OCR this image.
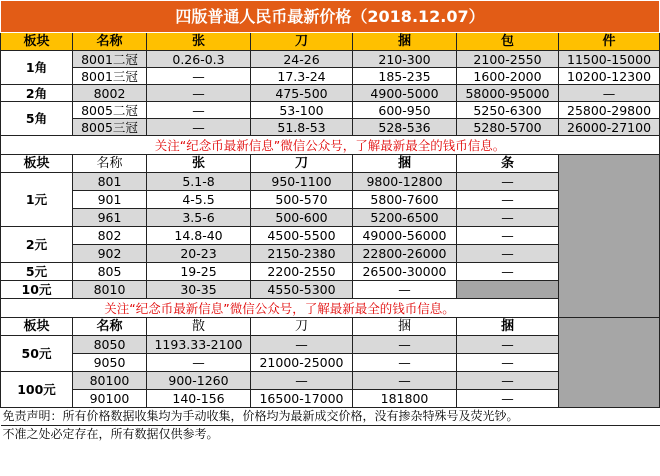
四版普通人民币最新价格（2018.12.07）						
板块	名称	张	刀	捆	包	件
1角	8001二冠	0.26-0.3	24-26	210-300	2100-2550	11500-15000
	8001三冠	—	17.3-24	185-235	1600-2000	10200-12300
2角	8002	—	475-500	4900-5000	58000-95000	—
5角	8005二冠	—	53-100	600-950	5250-6300	25800-29800
	8005三冠	—	51.8-53	528-536	5280-5700	26000-27100
关注“纪念币最新信息”微信公众号，了解最新最全的钱币信息。						
板块	名称	张	刀	捆	条	
1元	801	5.1-8	950-1100	9800-12800	—	
	901	4-5.5	500-570	5800-7600	—	
	961	3.5-6	500-600	5200-6500	—	
2元	802	14.8-40	4500-5500	49000-56000	—	
	902	20-23	2150-2380	22800-26000	—	
5元	805	19-25	2200-2550	26500-30000	—	
10元	8010	30-35	4550-5300	—		
关注“纪念币最新信息”微信公众号，了解最新最全的钱币信息。						
板块	名称	散	刀	捆	捆	
50元	8050	1193.33-2100	—	—	—	
	9050	—	21000-25000	—	—	
100元	80100	900-1260	—	—	—	
	90100	140-156	16500-17000	181800	—	
免责声明：所有价格数据收集均为手动收集，价格均为最新成交价格，没有掺杂特殊号及荧光钞。						
不准之处必定存在，所有数据仅供参考。						
